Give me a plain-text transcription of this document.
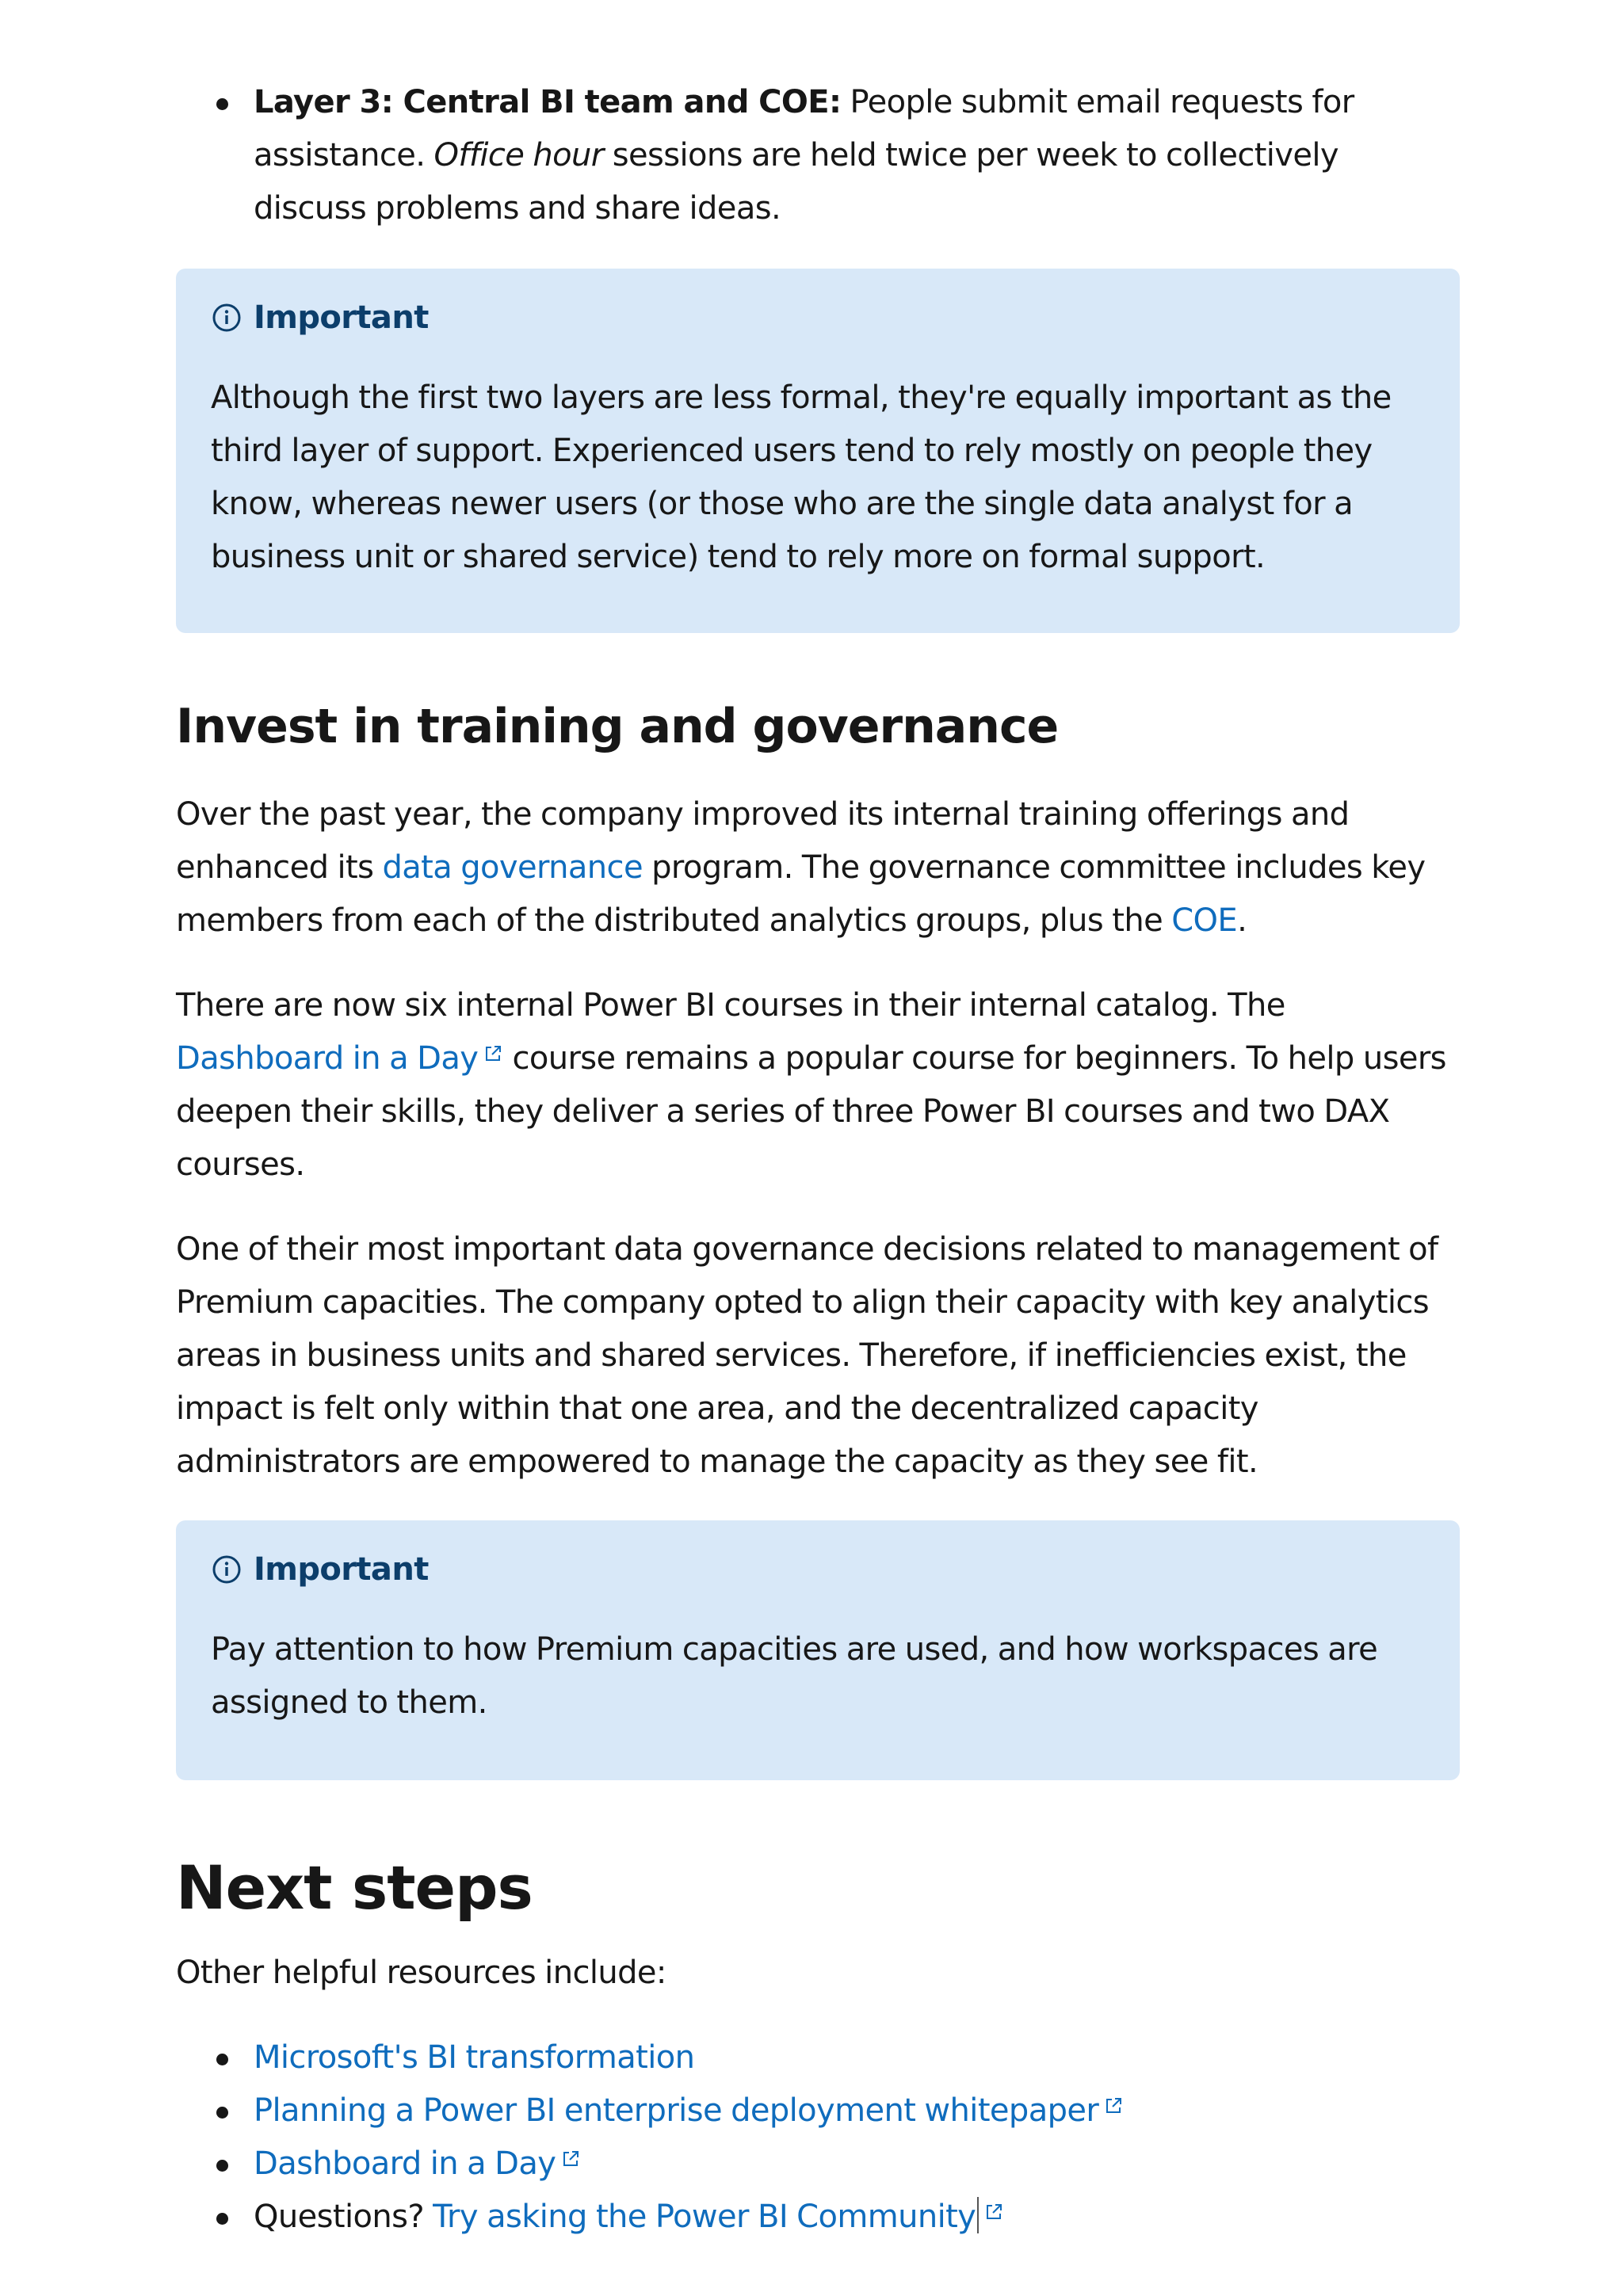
Layer 3: Central BI team and COE: People submit email requests for assistance. Office hour sessions are held twice per week to collectively discuss problems and share ideas.
Important

Although the first two layers are less formal, they're equally important as the third layer of support. Experienced users tend to rely mostly on people they know, whereas newer users (or those who are the single data analyst for a business unit or shared service) tend to rely more on formal support.

Invest in training and governance

Over the past year, the company improved its internal training offerings and enhanced its data governance program. The governance committee includes key members from each of the distributed analytics groups, plus the COE.

There are now six internal Power BI courses in their internal catalog. The Dashboard in a Day course remains a popular course for beginners. To help users deepen their skills, they deliver a series of three Power BI courses and two DAX courses.

One of their most important data governance decisions related to management of Premium capacities. The company opted to align their capacity with key analytics areas in business units and shared services. Therefore, if inefficiencies exist, the impact is felt only within that one area, and the decentralized capacity administrators are empowered to manage the capacity as they see fit.

Important

Pay attention to how Premium capacities are used, and how workspaces are assigned to them.

Next steps

Other helpful resources include:

Microsoft's BI transformation
Planning a Power BI enterprise deployment whitepaper
Dashboard in a Day
Questions? Try asking the Power BI Community
